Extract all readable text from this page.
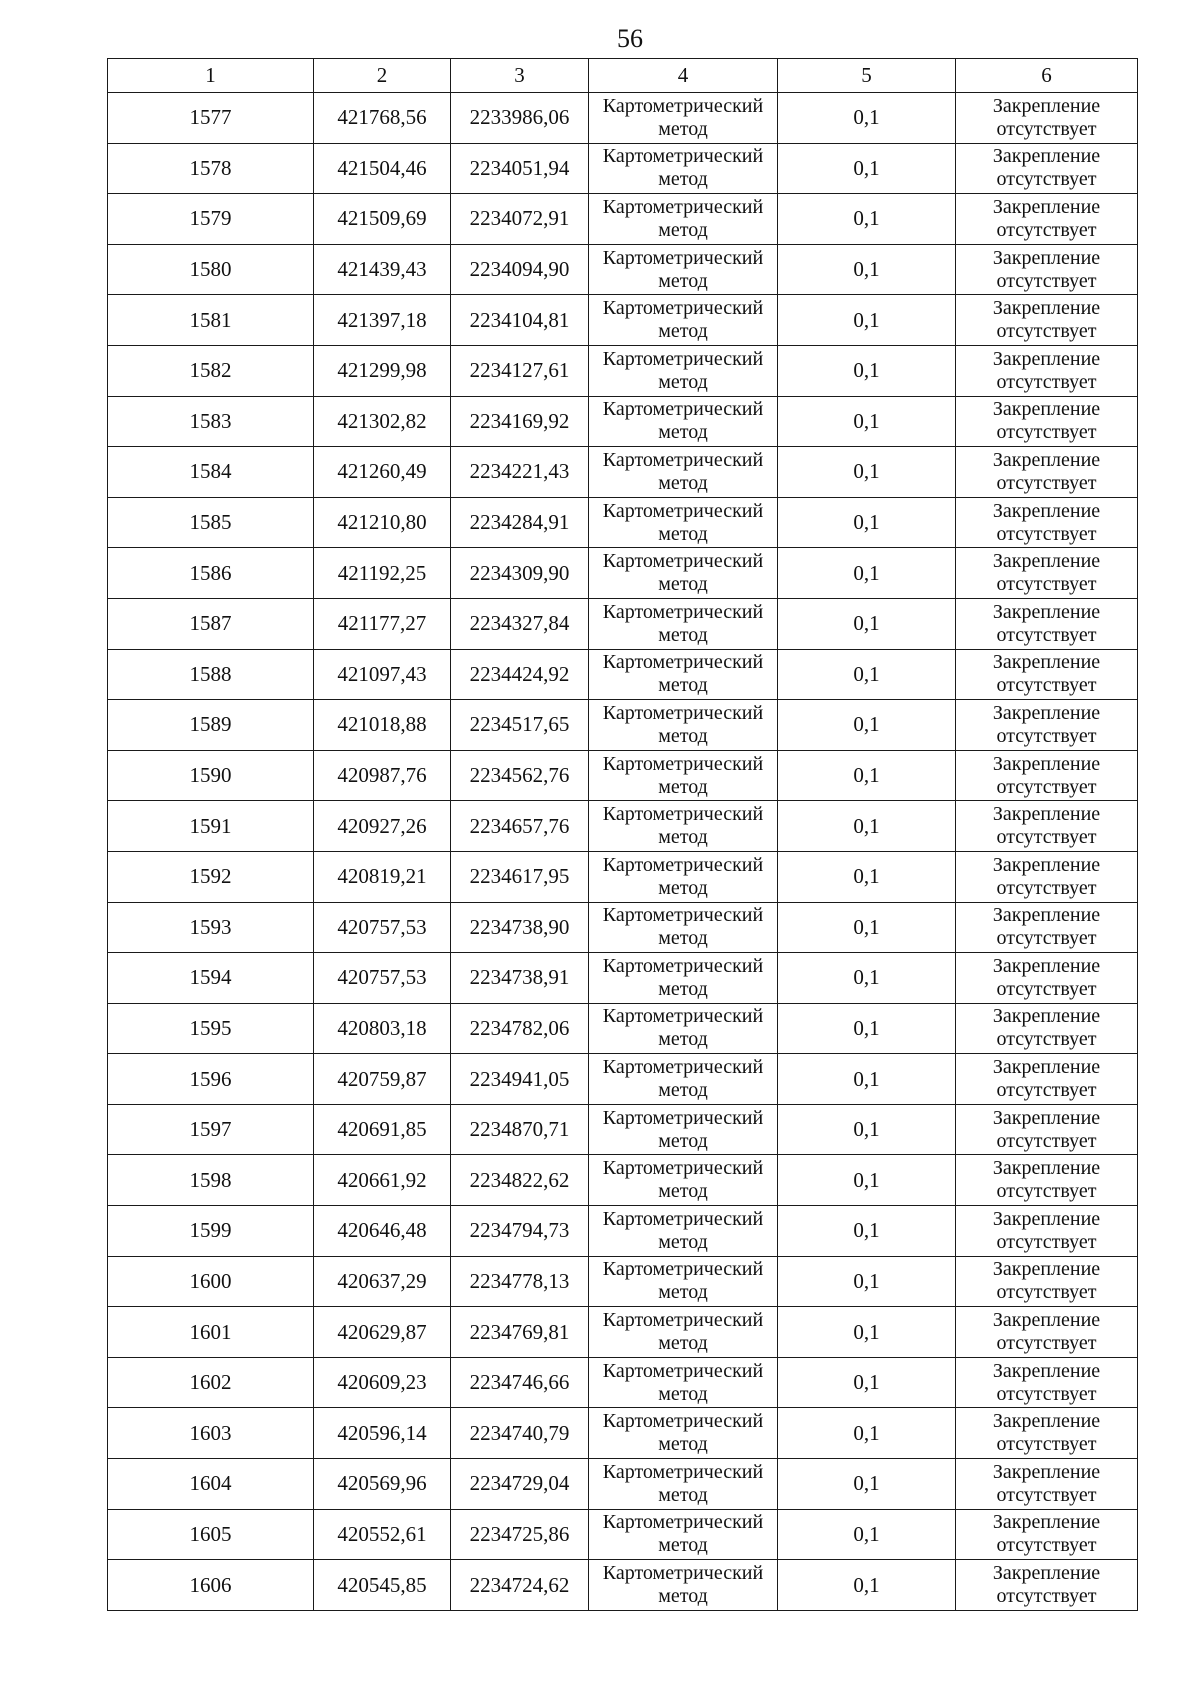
56
1	2	3	4	5	6
1577	421768,56	2233986,06	Картометрический
метод	0,1	Закрепление
отсутствует

1578	421504,46	2234051,94	Картометрический
метод	0,1	Закрепление
отсутствует

1579	421509,69	2234072,91	Картометрический
метод	0,1	Закрепление
отсутствует

1580	421439,43	2234094,90	Картометрический
метод	0,1	Закрепление
отсутствует

1581	421397,18	2234104,81	Картометрический
метод	0,1	Закрепление
отсутствует

1582	421299,98	2234127,61	Картометрический
метод	0,1	Закрепление
отсутствует

1583	421302,82	2234169,92	Картометрический
метод	0,1	Закрепление
отсутствует

1584	421260,49	2234221,43	Картометрический
метод	0,1	Закрепление
отсутствует

1585	421210,80	2234284,91	Картометрический
метод	0,1	Закрепление
отсутствует

1586	421192,25	2234309,90	Картометрический
метод	0,1	Закрепление
отсутствует

1587	421177,27	2234327,84	Картометрический
метод	0,1	Закрепление
отсутствует

1588	421097,43	2234424,92	Картометрический
метод	0,1	Закрепление
отсутствует

1589	421018,88	2234517,65	Картометрический
метод	0,1	Закрепление
отсутствует

1590	420987,76	2234562,76	Картометрический
метод	0,1	Закрепление
отсутствует

1591	420927,26	2234657,76	Картометрический
метод	0,1	Закрепление
отсутствует

1592	420819,21	2234617,95	Картометрический
метод	0,1	Закрепление
отсутствует

1593	420757,53	2234738,90	Картометрический
метод	0,1	Закрепление
отсутствует

1594	420757,53	2234738,91	Картометрический
метод	0,1	Закрепление
отсутствует

1595	420803,18	2234782,06	Картометрический
метод	0,1	Закрепление
отсутствует

1596	420759,87	2234941,05	Картометрический
метод	0,1	Закрепление
отсутствует

1597	420691,85	2234870,71	Картометрический
метод	0,1	Закрепление
отсутствует

1598	420661,92	2234822,62	Картометрический
метод	0,1	Закрепление
отсутствует

1599	420646,48	2234794,73	Картометрический
метод	0,1	Закрепление
отсутствует

1600	420637,29	2234778,13	Картометрический
метод	0,1	Закрепление
отсутствует

1601	420629,87	2234769,81	Картометрический
метод	0,1	Закрепление
отсутствует

1602	420609,23	2234746,66	Картометрический
метод	0,1	Закрепление
отсутствует

1603	420596,14	2234740,79	Картометрический
метод	0,1	Закрепление
отсутствует

1604	420569,96	2234729,04	Картометрический
метод	0,1	Закрепление
отсутствует

1605	420552,61	2234725,86	Картометрический
метод	0,1	Закрепление
отсутствует

1606	420545,85	2234724,62	Картометрический
метод	0,1	Закрепление
отсутствует
